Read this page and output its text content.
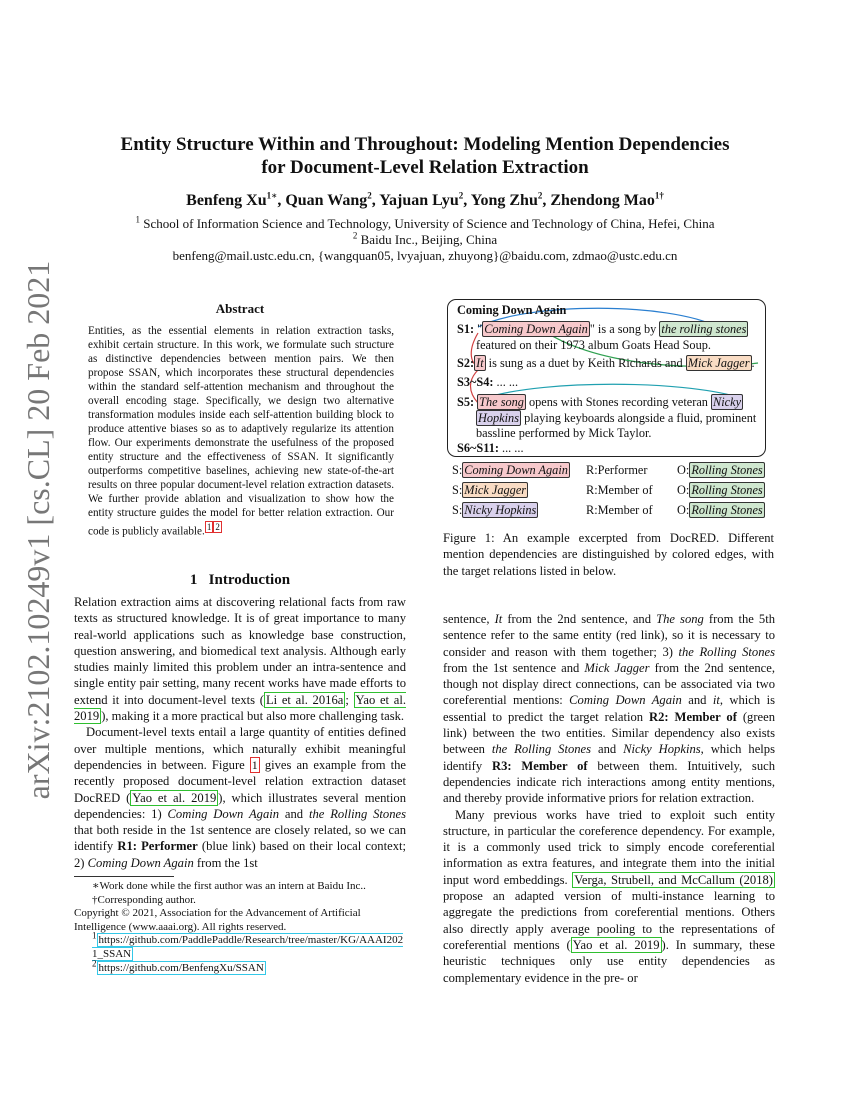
arXiv:2102.10249v1 [cs.CL] 20 Feb 2021
Entity Structure Within and Throughout: Modeling Mention Dependencies
for Document-Level Relation Extraction
Benfeng $Xu^{1∗}$, Quan Wang$^2$, Yajuan Lyu$^2$, Yong Zhu$^2$, Zhendong Mao$^{1\dagger}$
$^1$ School of Information Science and Technology, University of Science and Technology of China, Hefei, China
$^2$ Baidu Inc., Beijing, China
benfeng@mail.ustc.edu.cn, {wangquan05, lvyajuan, zhuyong}@baidu.com, zdmao@ustc.edu.cn
Abstract
Entities, as the essential elements in relation extraction tasks, exhibit certain structure. In this work, we formulate such structure as distinctive dependencies between mention pairs. We then propose SSAN, which incorporates these structural dependencies within the standard self-attention mechanism and throughout the overall encoding stage. Specifically, we design two alternative transformation modules inside each self-attention building block to produce attentive biases so as to adaptively regularize its attention flow. Our experiments demonstrate the usefulness of the proposed entity structure and the effectiveness of SSAN. It significantly outperforms competitive baselines, achieving new state-of-the-art results on three popular document-level relation extraction datasets. We further provide ablation and visualization to show how the entity structure guides the model for better relation extraction. Our code is publicly available. $^1$ $^2$
1 Introduction

Relation extraction aims at discovering relational facts from raw texts as structured knowledge. It is of great importance to many real-world applications such as knowledge base construction, question answering, and biomedical text analysis. Although early studies mainly limited this problem under an intra-sentence and single entity pair setting, many recent works have made efforts to extend it into document-level texts ( Li et al. 2016a ; Yao et al. 2019 ), making it a more practical but also more challenging task.

Document-level texts entail a large quantity of entities defined over multiple mentions, which naturally exhibit meaningful dependencies in between. Figure 1 gives an example from the recently proposed document-level relation extraction dataset DocRED ( Yao et al. 2019 ), which illustrates several mention dependencies: 1) Coming Down Again and the Rolling Stones that both reside in the 1st sentence are closely related, so we can identify R1: Performer (blue link) based on their local context; 2) Coming Down Again from the 1st

∗Work done while the first author was an intern at Baidu Inc..
†Corresponding author.
Copyright © 2021, Association for the Advancement of Artificial Intelligence (www.aaai.org). All rights reserved.
$^1$ https://github.com/PaddlePaddle/Research/tree/master/KG/AAAI2021_SSAN
$^2$ https://github.com/BenfengXu/SSAN
Coming Down Again
S1: " Coming Down Again " is a song by the rolling stones
featured on their 1973 album Goats Head Soup.
S2: It is sung as a duet by Keith Richards and Mick Jagger .
S3~S4: ... ...
S5: The song opens with Stones recording veteran Nicky
Hopkins playing keyboards alongside a fluid, prominent
bassline performed by Mick Taylor.
S6~S11: ... ...
S: Coming Down Again R:Performer O: Rolling Stones
S: Mick Jagger	R:Member of O: Rolling Stones
S: Nicky Hopkins	R:Member of O: Rolling Stones
Figure 1: An example excerpted from DocRED. Different mention dependencies are distinguished by colored edges, with the target relations listed in below.

sentence, It from the 2nd sentence, and The song from the 5th sentence refer to the same entity (red link), so it is necessary to consider and reason with them together; 3) the Rolling Stones from the 1st sentence and Mick Jagger from the 2nd sentence, though not display direct connections, can be associated via two coreferential mentions: Coming Down Again and it, which is essential to predict the target relation R2: Member of (green link) between the two entities. Similar dependency also exists between the Rolling Stones and Nicky Hopkins, which helps identify R3: Member of between them. Intuitively, such dependencies indicate rich interactions among entity mentions, and thereby provide informative priors for relation extraction.

Many previous works have tried to exploit such entity structure, in particular the coreference dependency. For example, it is a commonly used trick to simply encode coreferential information as extra features, and integrate them into the initial input word embeddings. Verga, Strubell, and McCallum (2018) propose an adapted version of multi-instance learning to aggregate the predictions from coreferential mentions. Others also directly apply average pooling to the representations of coreferential mentions ( Yao et al. 2019 ). In summary, these heuristic techniques only use entity dependencies as complementary evidence in the pre- or
